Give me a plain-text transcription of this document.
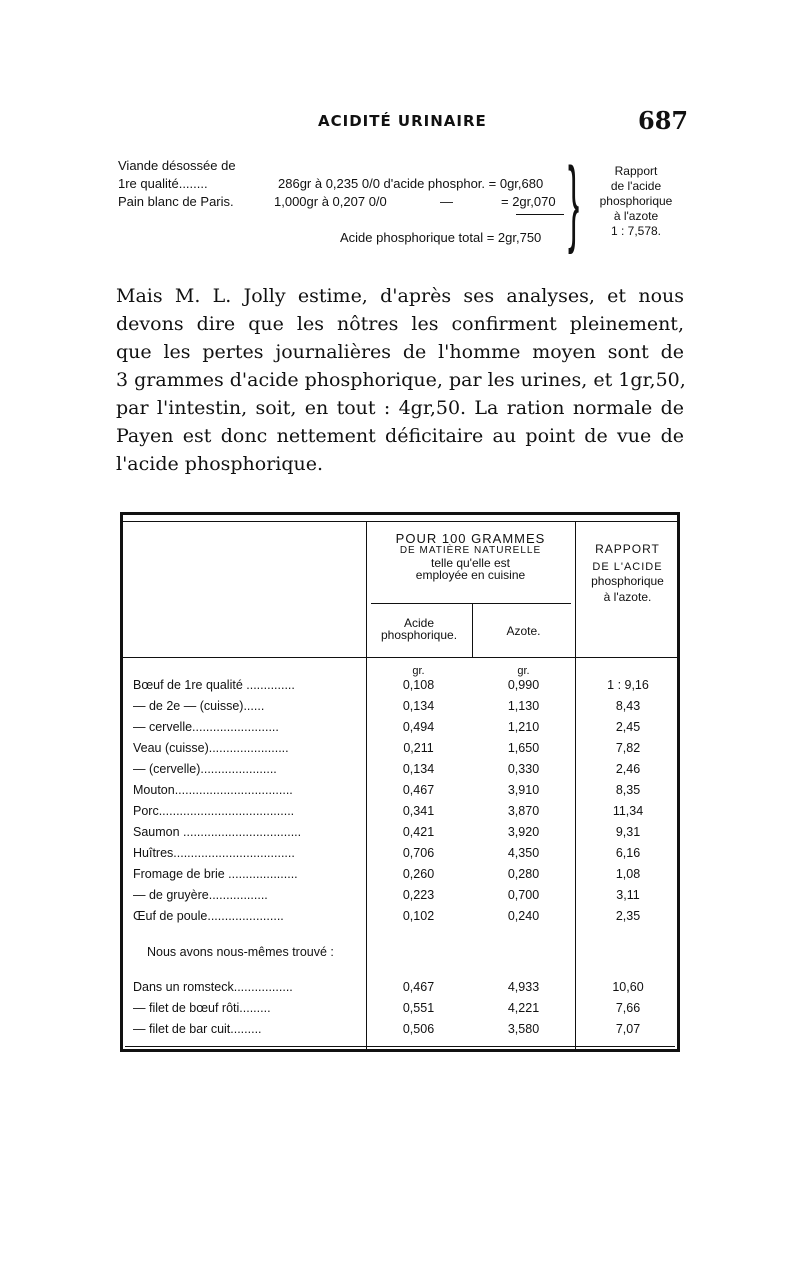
ACIDITÉ URINAIRE	687
Viande désossée de
1re qualité........	286gr à 0,235 0/0 d'acide phosphor. = 0gr,680
Pain blanc de Paris.	1,000gr à 0,207 0/0	—	= 2gr,070
Acide phosphorique total = 2gr,750 }	Rapport
de l'acide
phosphorique
à l'azote
1 : 7,578.
Mais M. L. Jolly estime, d'après ses analyses, et nous
devons dire que les nôtres les confirment pleinement,
que les pertes journalières de l'homme moyen sont de
3 grammes d'acide phosphorique, par les urines, et 1gr,50,
par l'intestin, soit, en tout : 4gr,50. La ration normale de
Payen est donc nettement déficitaire au point de vue de
l'acide phosphorique.
POUR 100 GRAMMES
DE MATIÈRE NATURELLE
telle qu'elle est
employée en cuisine
Acide
phosphorique.	Azote.
RAPPORT
DE L'ACIDE
phosphorique
à l'azote.
gr.	gr.
Bœuf de 1re qualité ..............	0,108	0,990	1 : 9,16
— de 2e — (cuisse)......	0,134	1,130	8,43
— cervelle.........................	0,494	1,210	2,45
Veau (cuisse).......................	0,211	1,650	7,82
— (cervelle)......................	0,134	0,330	2,46
Mouton..................................	0,467	3,910	8,35
Porc.......................................	0,341	3,870	11,34
Saumon ..................................	0,421	3,920	9,31
Huîtres...................................	0,706	4,350	6,16
Fromage de brie ....................	0,260	0,280	1,08
— de gruyère.................	0,223	0,700	3,11
Œuf de poule......................	0,102	0,240	2,35
Nous avons nous-mêmes trouvé :
Dans un romsteck.................	0,467	4,933	10,60
— filet de bœuf rôti.........	0,551	4,221	7,66
— filet de bar cuit.........	0,506	3,580	7,07
